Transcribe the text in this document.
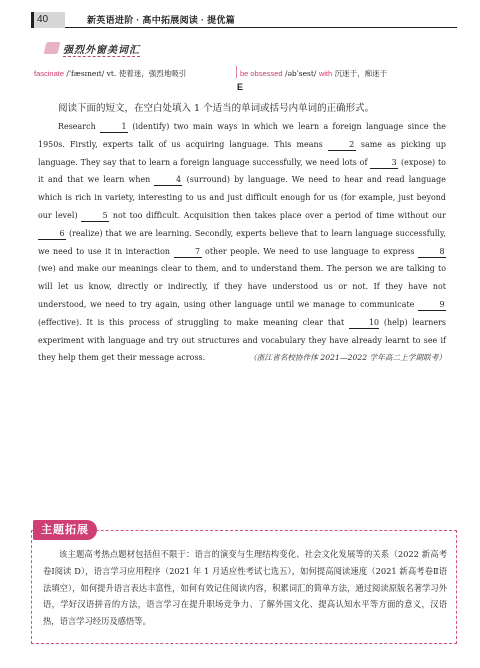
40	新英语进阶 · 高中拓展阅读 · 提优篇
强烈外窗美词汇
fascinate /ˈfæsɪneɪt/ vt. 使着迷，强烈地吸引	be obsessed /əbˈsest/ with 沉迷于，痴迷于
E
阅读下面的短文，在空白处填入 1 个适当的单词或括号内单词的正确形式。

Research	1 (identify) two main ways in which we learn a foreign language since the 1950s. Firstly, experts talk of us acquiring language. This means	2 same as picking up language. They say that to learn a foreign language successfully, we need lots of	3 (expose) to it and that we learn when	4 (surround) by language. We need to hear and read language which is rich in variety, interesting to us and just difficult enough for us (for example, just beyond our level)	5 not too difficult. Acquisition then takes place over a period of time without our 6 (realize) that we are learning. Secondly, experts believe that to learn language successfully, we need to use it in interaction	7 other people. We need to use language to express	8 (we) and make our meanings clear to them, and to understand them. The person we are talking to will let us know, directly or indirectly, if they have understood us or not. If they have not understood, we need to try again, using other language until we manage to communicate	9 (effective). It is this process of struggling to make meaning clear that	10 (help) learners experiment with language and try out structures and vocabulary they have already learnt to see if they help them get their message across.	（浙江省名校协作体 2021—2022 学年高二上学期联考）

主题拓展
该主题高考热点题材包括但不限于：语言的演变与生理结构变化、社会文化发展等的关系（2022 新高考卷Ⅰ阅读 D），语言学习应用程序（2021 年 1 月适应性考试七选五），如何提高阅读速度（2021 新高考卷Ⅱ语法填空），如何提升语言表达丰富性，如何有效记住阅读内容，积累词汇的简单方法，通过阅读原版名著学习外语，学好汉语拼音的方法，语言学习在提升职场竞争力、了解外国文化、提高认知水平等方面的意义，汉语热，语言学习经历及感悟等。
